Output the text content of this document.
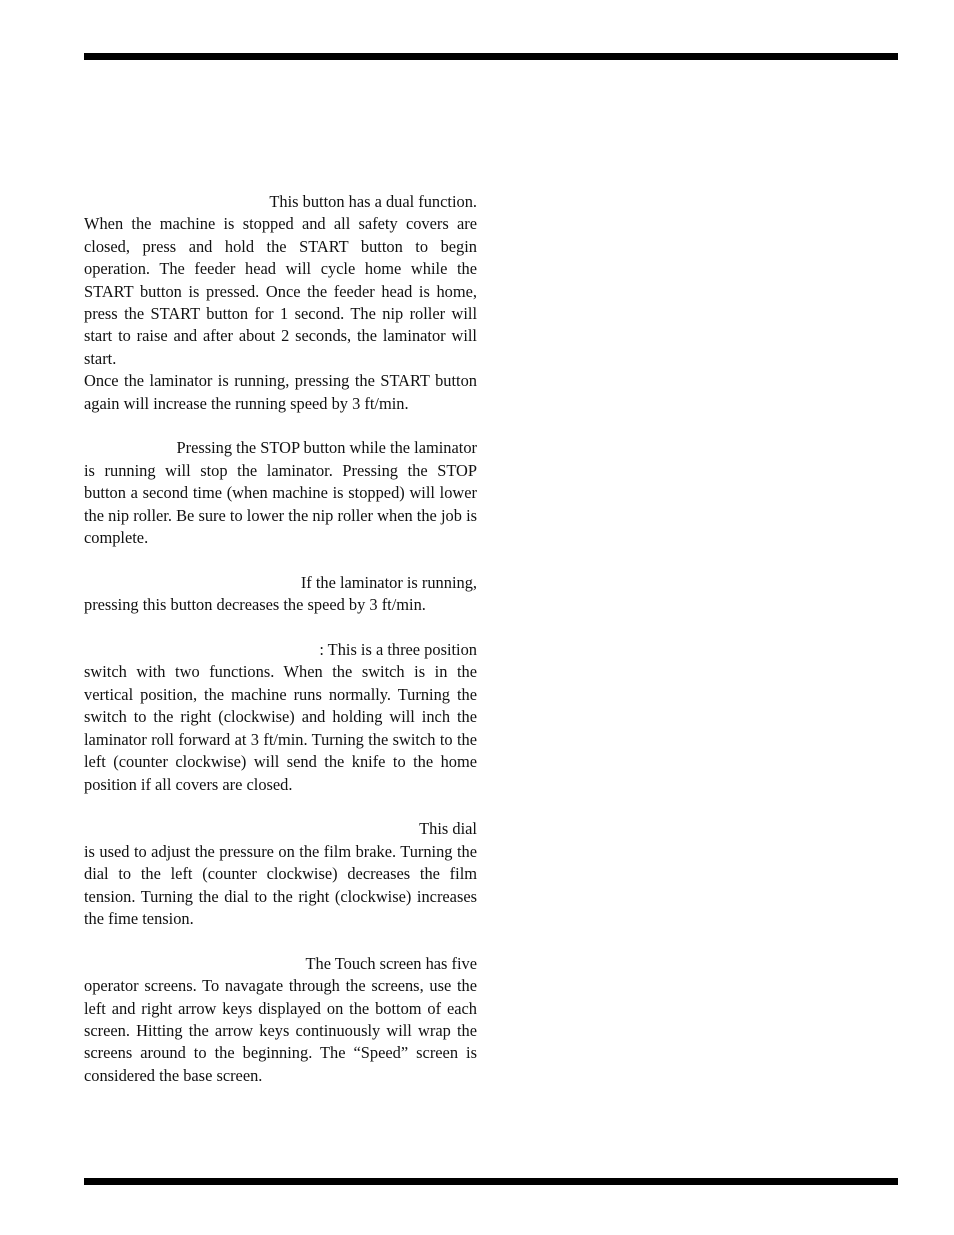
This button has a dual function.
When the machine is stopped and all safety covers are closed, press and hold the START button to begin operation. The feeder head will cycle home while the START button is pressed. Once the feeder head is home, press the START button for 1 second. The nip roller will start to raise and after about 2 seconds, the laminator will start.
Once the laminator is running, pressing the START button again will increase the running speed by 3 ft/min.
Pressing the STOP button while the laminator
is running will stop the laminator. Pressing the STOP button a second time (when machine is stopped) will lower the nip roller. Be sure to lower the nip roller when the job is complete.
If the laminator is running,
pressing this button decreases the speed by 3 ft/min.
: This is a three position
switch with two functions. When the switch is in the vertical position, the machine runs normally. Turning the switch to the right (clockwise) and holding will inch the laminator roll forward at 3 ft/min. Turning the switch to the left (counter clockwise) will send the knife to the home position if all covers are closed.
This dial
is used to adjust the pressure on the film brake. Turning the dial to the left (counter clockwise) decreases the film tension. Turning the dial to the right (clockwise) increases the fime tension.
The Touch screen has five
operator screens. To navagate through the screens, use the left and right arrow keys displayed on the bottom of each screen. Hitting the arrow keys continuously will wrap the screens around to the beginning. The “Speed” screen is considered the base screen.
